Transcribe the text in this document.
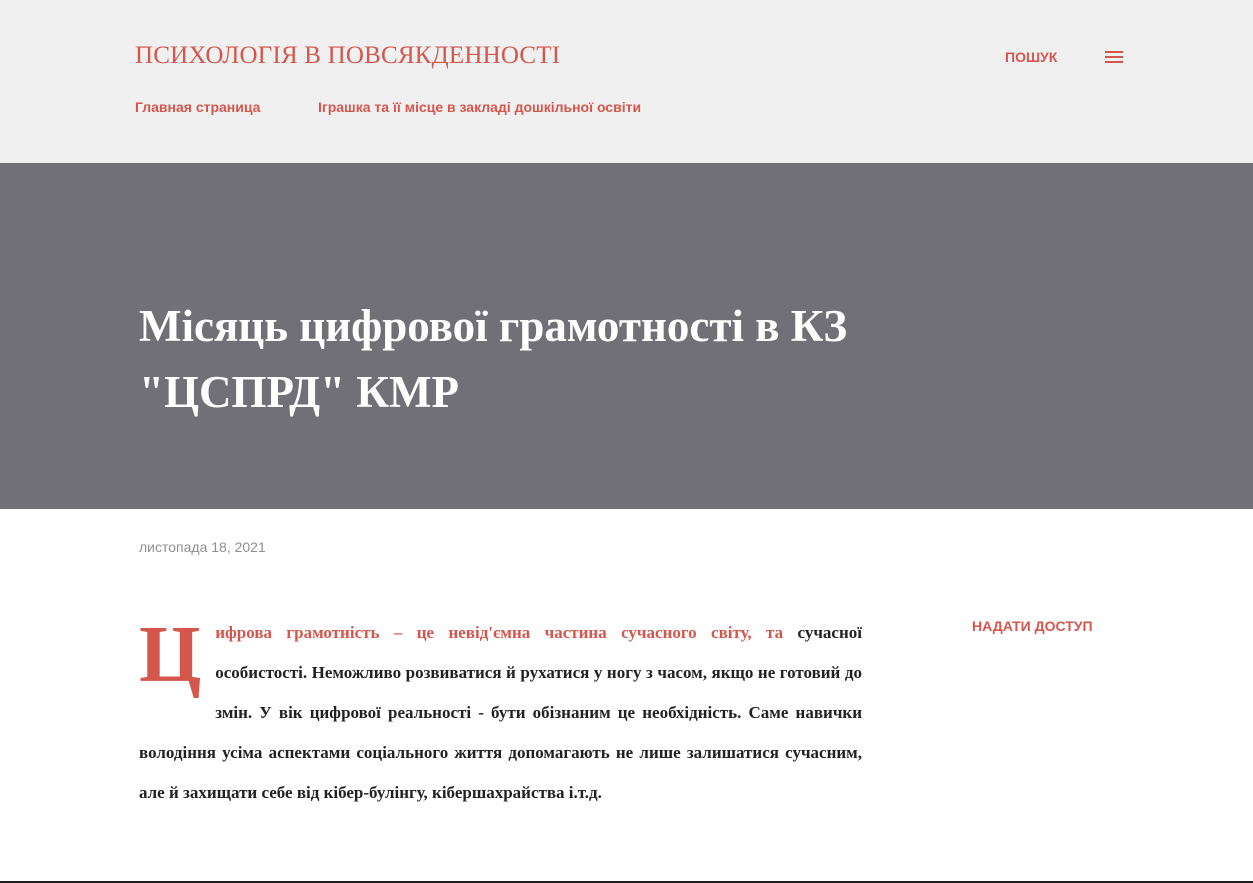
ПСИХОЛОГІЯ В ПОВСЯКДЕННОСТІ	ПОШУК
Главная страница	Іграшка та її місце в закладі дошкільної освіти
Місяць цифрової грамотності в КЗ "ЦСПРД" КМР
листопада 18, 2021
НАДАТИ ДОСТУП
Цифрова грамотність – це невід'ємна частина сучасного світу, та сучасної особистості. Неможливо розвиватися й рухатися у ногу з часом, якщо не готовий до змін. У вік цифрової реальності - бути обізнаним це необхідність. Саме навички володіння усіма аспектами соціального життя допомагають не лише залишатися сучасним, але й захищати себе від кібер-булінгу, кібершахрайства і.т.д.
